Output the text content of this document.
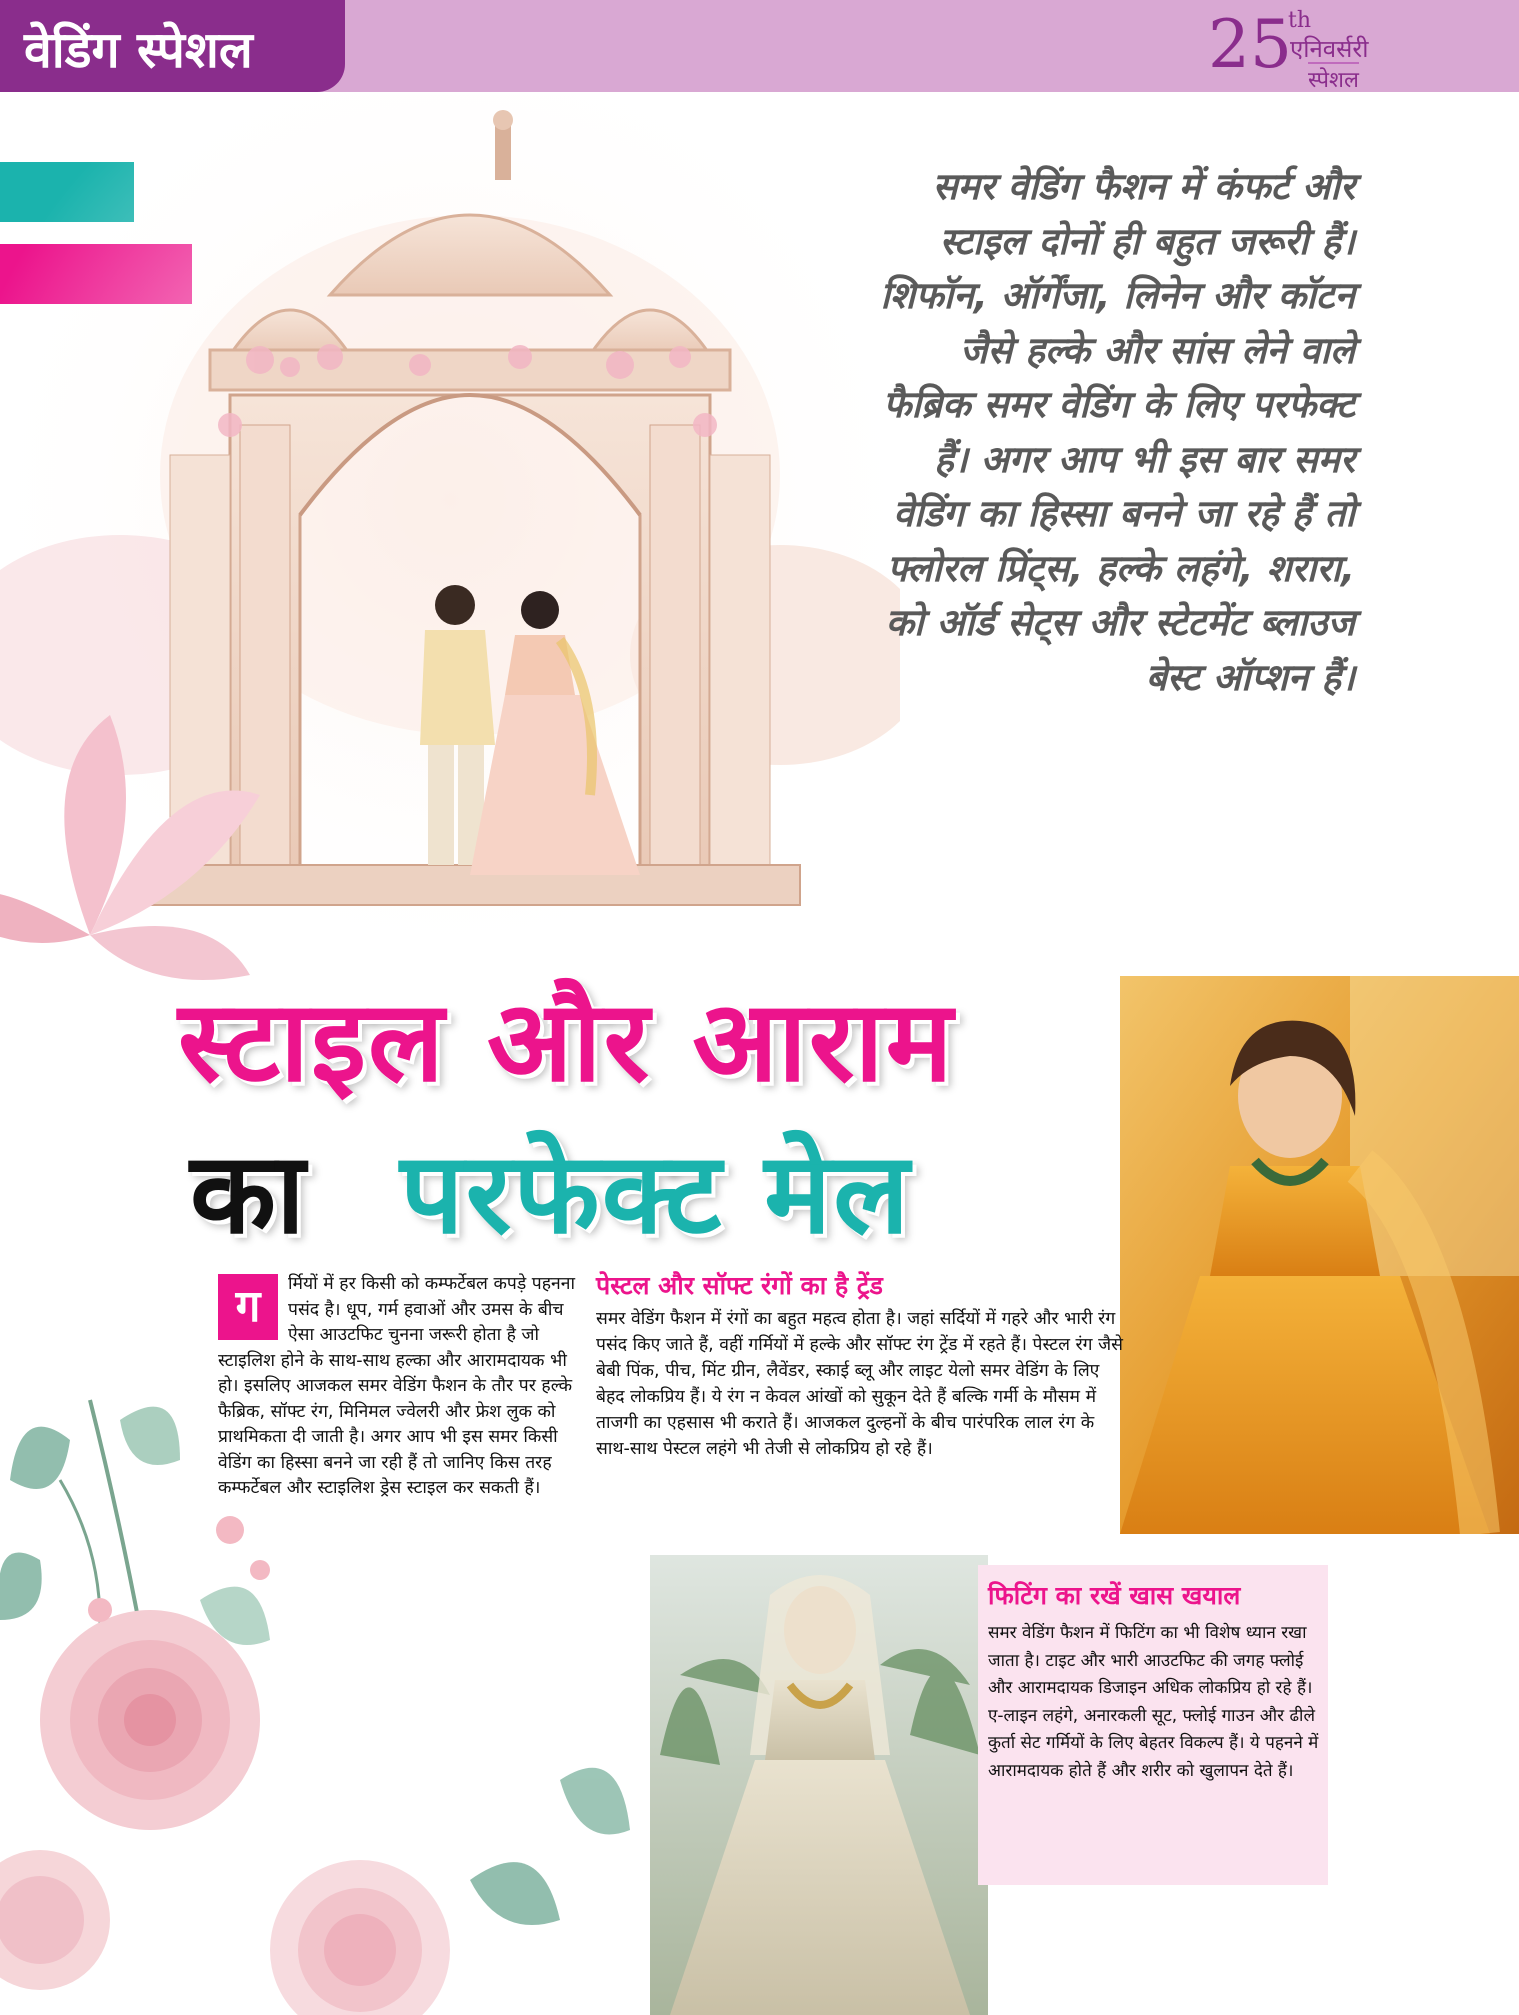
वेडिंग स्पेशल	25
th
एनिवर्सरी
स्पेशल
समर वेडिंग फैशन में कंफर्ट और स्टाइल दोनों ही बहुत जरूरी हैं। शिफॉन, ऑर्गेंजा, लिनेन और कॉटन जैसे हल्के और सांस लेने वाले फैब्रिक समर वेडिंग के लिए परफेक्ट हैं। अगर आप भी इस बार समर वेडिंग का हिस्सा बनने जा रहे हैं तो फ्लोरल प्रिंट्स, हल्के लहंगे, शरारा, को ऑर्ड सेट्स और स्टेटमेंट ब्लाउज बेस्ट ऑप्शन हैं।
स्टाइल और आराम
का परफेक्ट मेल
ग	र्मियों में हर किसी को कम्फर्टेबल कपड़े पहनना पसंद है। धूप, गर्म हवाओं और उमस के बीच ऐसा आउटफिट चुनना जरूरी होता है जो स्टाइलिश होने के साथ-साथ हल्का और आरामदायक भी हो। इसलिए आजकल समर वेडिंग फैशन के तौर पर हल्के फैब्रिक, सॉफ्ट रंग, मिनिमल ज्वेलरी और फ्रेश लुक को प्राथमिकता दी जाती है। अगर आप भी इस समर किसी वेडिंग का हिस्सा बनने जा रही हैं तो जानिए किस तरह कम्फर्टेबल और स्टाइलिश ड्रेस स्टाइल कर सकती हैं।
पेस्टल और सॉफ्ट रंगों का है ट्रेंड
समर वेडिंग फैशन में रंगों का बहुत महत्व होता है। जहां सर्दियों में गहरे और भारी रंग पसंद किए जाते हैं, वहीं गर्मियों में हल्के और सॉफ्ट रंग ट्रेंड में रहते हैं। पेस्टल रंग जैसे बेबी पिंक, पीच, मिंट ग्रीन, लैवेंडर, स्काई ब्लू और लाइट येलो समर वेडिंग के लिए बेहद लोकप्रिय हैं। ये रंग न केवल आंखों को सुकून देते हैं बल्कि गर्मी के मौसम में ताजगी का एहसास भी कराते हैं। आजकल दुल्हनों के बीच पारंपरिक लाल रंग के साथ-साथ पेस्टल लहंगे भी तेजी से लोकप्रिय हो रहे हैं।
फिटिंग का रखें खास खयाल
समर वेडिंग फैशन में फिटिंग का भी विशेष ध्यान रखा जाता है। टाइट और भारी आउटफिट की जगह फ्लोई और आरामदायक डिजाइन अधिक लोकप्रिय हो रहे हैं। ए-लाइन लहंगे, अनारकली सूट, फ्लोई गाउन और ढीले कुर्ता सेट गर्मियों के लिए बेहतर विकल्प हैं। ये पहनने में आरामदायक होते हैं और शरीर को खुलापन देते हैं।
